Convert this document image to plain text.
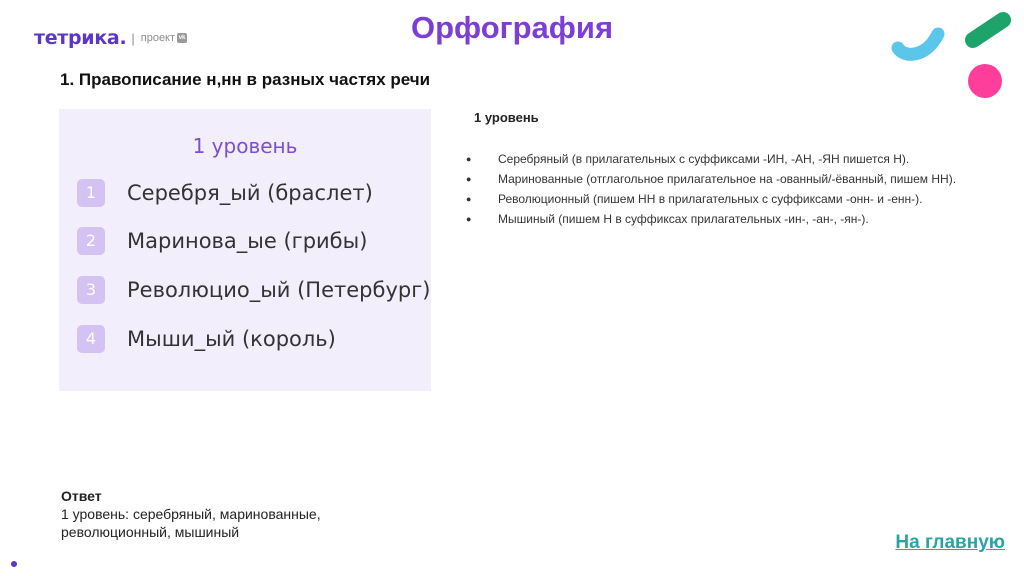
тетрика. | проект vk	Орфография
1. Правописание н,нн в разных частях речи
1 уровень
1	Серебря_ый (браслет)
2	Маринова_ые (грибы)
3	Революцио_ый (Петербург)
4	Мыши_ый (король)
1 уровень
● Серебряный (в прилагательных с суффиксами -ИН, -АН, -ЯН пишется Н).
● Маринованные (отглагольное прилагательное на -ованный/-ёванный, пишем НН).
● Революционный (пишем НН в прилагательных с суффиксами -онн- и -енн-).
● Мышиный (пишем Н в суффиксах прилагательных -ин-, -ан-, -ян-).
Ответ
1 уровень: серебряный, маринованные,
революционный, мышиный	На главную
